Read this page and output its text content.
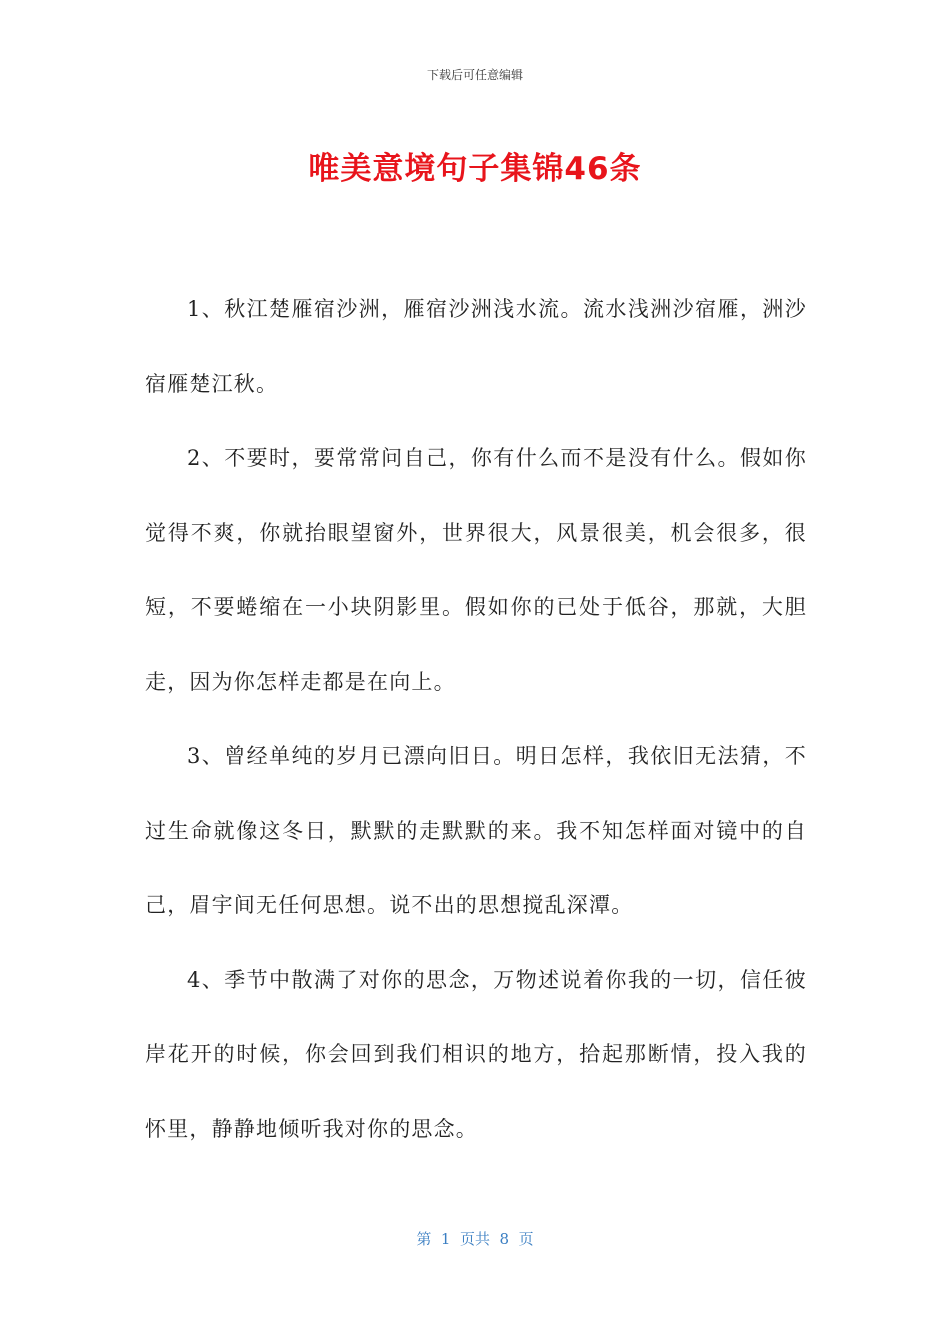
下载后可任意编辑
唯美意境句子集锦46条

1、秋江楚雁宿沙洲，雁宿沙洲浅水流。流水浅洲沙宿雁，洲沙宿雁楚江秋。

2、不要时，要常常问自己，你有什么而不是没有什么。假如你觉得不爽，你就抬眼望窗外，世界很大，风景很美，机会很多，很短，不要蜷缩在一小块阴影里。假如你的已处于低谷，那就，大胆走，因为你怎样走都是在向上。

3、曾经单纯的岁月已漂向旧日。明日怎样，我依旧无法猜，不过生命就像这冬日，默默的走默默的来。我不知怎样面对镜中的自己，眉宇间无任何思想。说不出的思想搅乱深潭。

4、季节中散满了对你的思念，万物述说着你我的一切，信任彼岸花开的时候，你会回到我们相识的地方，拾起那断情，投入我的怀里，静静地倾听我对你的思念。

第  1  页共  8  页
